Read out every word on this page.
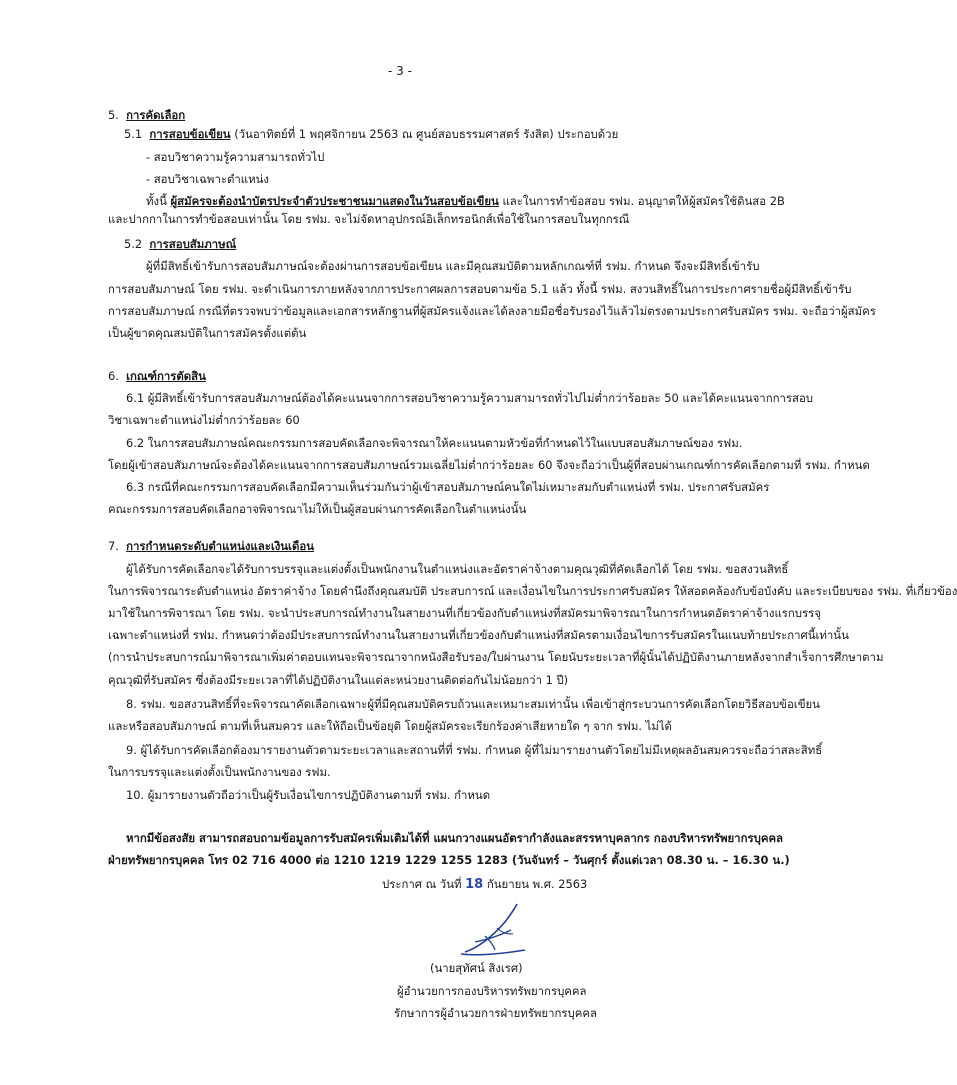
- 3 -
5. การคัดเลือก
5.1 การสอบข้อเขียน (วันอาทิตย์ที่ 1 พฤศจิกายน 2563 ณ ศูนย์สอบธรรมศาสตร์ รังสิต) ประกอบด้วย
- สอบวิชาความรู้ความสามารถทั่วไป
- สอบวิชาเฉพาะตำแหน่ง
ทั้งนี้ ผู้สมัครจะต้องนำบัตรประจำตัวประชาชนมาแสดงในวันสอบข้อเขียน และในการทำข้อสอบ รฟม. อนุญาตให้ผู้สมัครใช้ดินสอ 2B
และปากกาในการทำข้อสอบเท่านั้น โดย รฟม. จะไม่จัดหาอุปกรณ์อิเล็กทรอนิกส์เพื่อใช้ในการสอบในทุกกรณี
5.2 การสอบสัมภาษณ์
ผู้ที่มีสิทธิ์เข้ารับการสอบสัมภาษณ์จะต้องผ่านการสอบข้อเขียน และมีคุณสมบัติตามหลักเกณฑ์ที่ รฟม. กำหนด จึงจะมีสิทธิ์เข้ารับ
การสอบสัมภาษณ์ โดย รฟม. จะดำเนินการภายหลังจากการประกาศผลการสอบตามข้อ 5.1 แล้ว ทั้งนี้ รฟม. สงวนสิทธิ์ในการประกาศรายชื่อผู้มีสิทธิ์เข้ารับ
การสอบสัมภาษณ์ กรณีที่ตรวจพบว่าข้อมูลและเอกสารหลักฐานที่ผู้สมัครแจ้งและได้ลงลายมือชื่อรับรองไว้แล้วไม่ตรงตามประกาศรับสมัคร รฟม. จะถือว่าผู้สมัคร
เป็นผู้ขาดคุณสมบัติในการสมัครตั้งแต่ต้น
6. เกณฑ์การตัดสิน
6.1 ผู้มีสิทธิ์เข้ารับการสอบสัมภาษณ์ต้องได้คะแนนจากการสอบวิชาความรู้ความสามารถทั่วไปไม่ต่ำกว่าร้อยละ 50 และได้คะแนนจากการสอบ
วิชาเฉพาะตำแหน่งไม่ต่ำกว่าร้อยละ 60
6.2 ในการสอบสัมภาษณ์คณะกรรมการสอบคัดเลือกจะพิจารณาให้คะแนนตามหัวข้อที่กำหนดไว้ในแบบสอบสัมภาษณ์ของ รฟม.
โดยผู้เข้าสอบสัมภาษณ์จะต้องได้คะแนนจากการสอบสัมภาษณ์รวมเฉลี่ยไม่ต่ำกว่าร้อยละ 60 จึงจะถือว่าเป็นผู้ที่สอบผ่านเกณฑ์การคัดเลือกตามที่ รฟม. กำหนด
6.3 กรณีที่คณะกรรมการสอบคัดเลือกมีความเห็นร่วมกันว่าผู้เข้าสอบสัมภาษณ์คนใดไม่เหมาะสมกับตำแหน่งที่ รฟม. ประกาศรับสมัคร
คณะกรรมการสอบคัดเลือกอาจพิจารณาไม่ให้เป็นผู้สอบผ่านการคัดเลือกในตำแหน่งนั้น
7. การกำหนดระดับตำแหน่งและเงินเดือน
ผู้ได้รับการคัดเลือกจะได้รับการบรรจุและแต่งตั้งเป็นพนักงานในตำแหน่งและอัตราค่าจ้างตามคุณวุฒิที่คัดเลือกได้ โดย รฟม. ขอสงวนสิทธิ์
ในการพิจารณาระดับตำแหน่ง อัตราค่าจ้าง โดยคำนึงถึงคุณสมบัติ ประสบการณ์ และเงื่อนไขในการประกาศรับสมัคร ให้สอดคล้องกับข้อบังคับ และระเบียบของ รฟม. ที่เกี่ยวข้อง
มาใช้ในการพิจารณา โดย รฟม. จะนำประสบการณ์ทำงานในสายงานที่เกี่ยวข้องกับตำแหน่งที่สมัครมาพิจารณาในการกำหนดอัตราค่าจ้างแรกบรรจุ
เฉพาะตำแหน่งที่ รฟม. กำหนดว่าต้องมีประสบการณ์ทำงานในสายงานที่เกี่ยวข้องกับตำแหน่งที่สมัครตามเงื่อนไขการรับสมัครในแนบท้ายประกาศนี้เท่านั้น
(การนำประสบการณ์มาพิจารณาเพิ่มค่าตอบแทนจะพิจารณาจากหนังสือรับรอง/ใบผ่านงาน โดยนับระยะเวลาที่ผู้นั้นได้ปฏิบัติงานภายหลังจากสำเร็จการศึกษาตาม
คุณวุฒิที่รับสมัคร ซึ่งต้องมีระยะเวลาที่ได้ปฏิบัติงานในแต่ละหน่วยงานติดต่อกันไม่น้อยกว่า 1 ปี)
8. รฟม. ขอสงวนสิทธิ์ที่จะพิจารณาคัดเลือกเฉพาะผู้ที่มีคุณสมบัติครบถ้วนและเหมาะสมเท่านั้น เพื่อเข้าสู่กระบวนการคัดเลือกโดยวิธีสอบข้อเขียน
และหรือสอบสัมภาษณ์ ตามที่เห็นสมควร และให้ถือเป็นข้อยุติ โดยผู้สมัครจะเรียกร้องค่าเสียหายใด ๆ จาก รฟม. ไม่ได้
9. ผู้ได้รับการคัดเลือกต้องมารายงานตัวตามระยะเวลาและสถานที่ที่ รฟม. กำหนด ผู้ที่ไม่มารายงานตัวโดยไม่มีเหตุผลอันสมควรจะถือว่าสละสิทธิ์
ในการบรรจุและแต่งตั้งเป็นพนักงานของ รฟม.
10. ผู้มารายงานตัวถือว่าเป็นผู้รับเงื่อนไขการปฏิบัติงานตามที่ รฟม. กำหนด
หากมีข้อสงสัย สามารถสอบถามข้อมูลการรับสมัครเพิ่มเติมได้ที่ แผนกวางแผนอัตรากำลังและสรรหาบุคลากร กองบริหารทรัพยากรบุคคล
ฝ่ายทรัพยากรบุคคล โทร 02 716 4000 ต่อ 1210 1219 1229 1255 1283 (วันจันทร์ – วันศุกร์ ตั้งแต่เวลา 08.30 น. – 16.30 น.)
ประกาศ ณ วันที่ 18 กันยายน พ.ศ. 2563
(นายสุทัศน์ สิงเรศ)
ผู้อำนวยการกองบริหารทรัพยากรบุคคล
รักษาการผู้อำนวยการฝ่ายทรัพยากรบุคคล
